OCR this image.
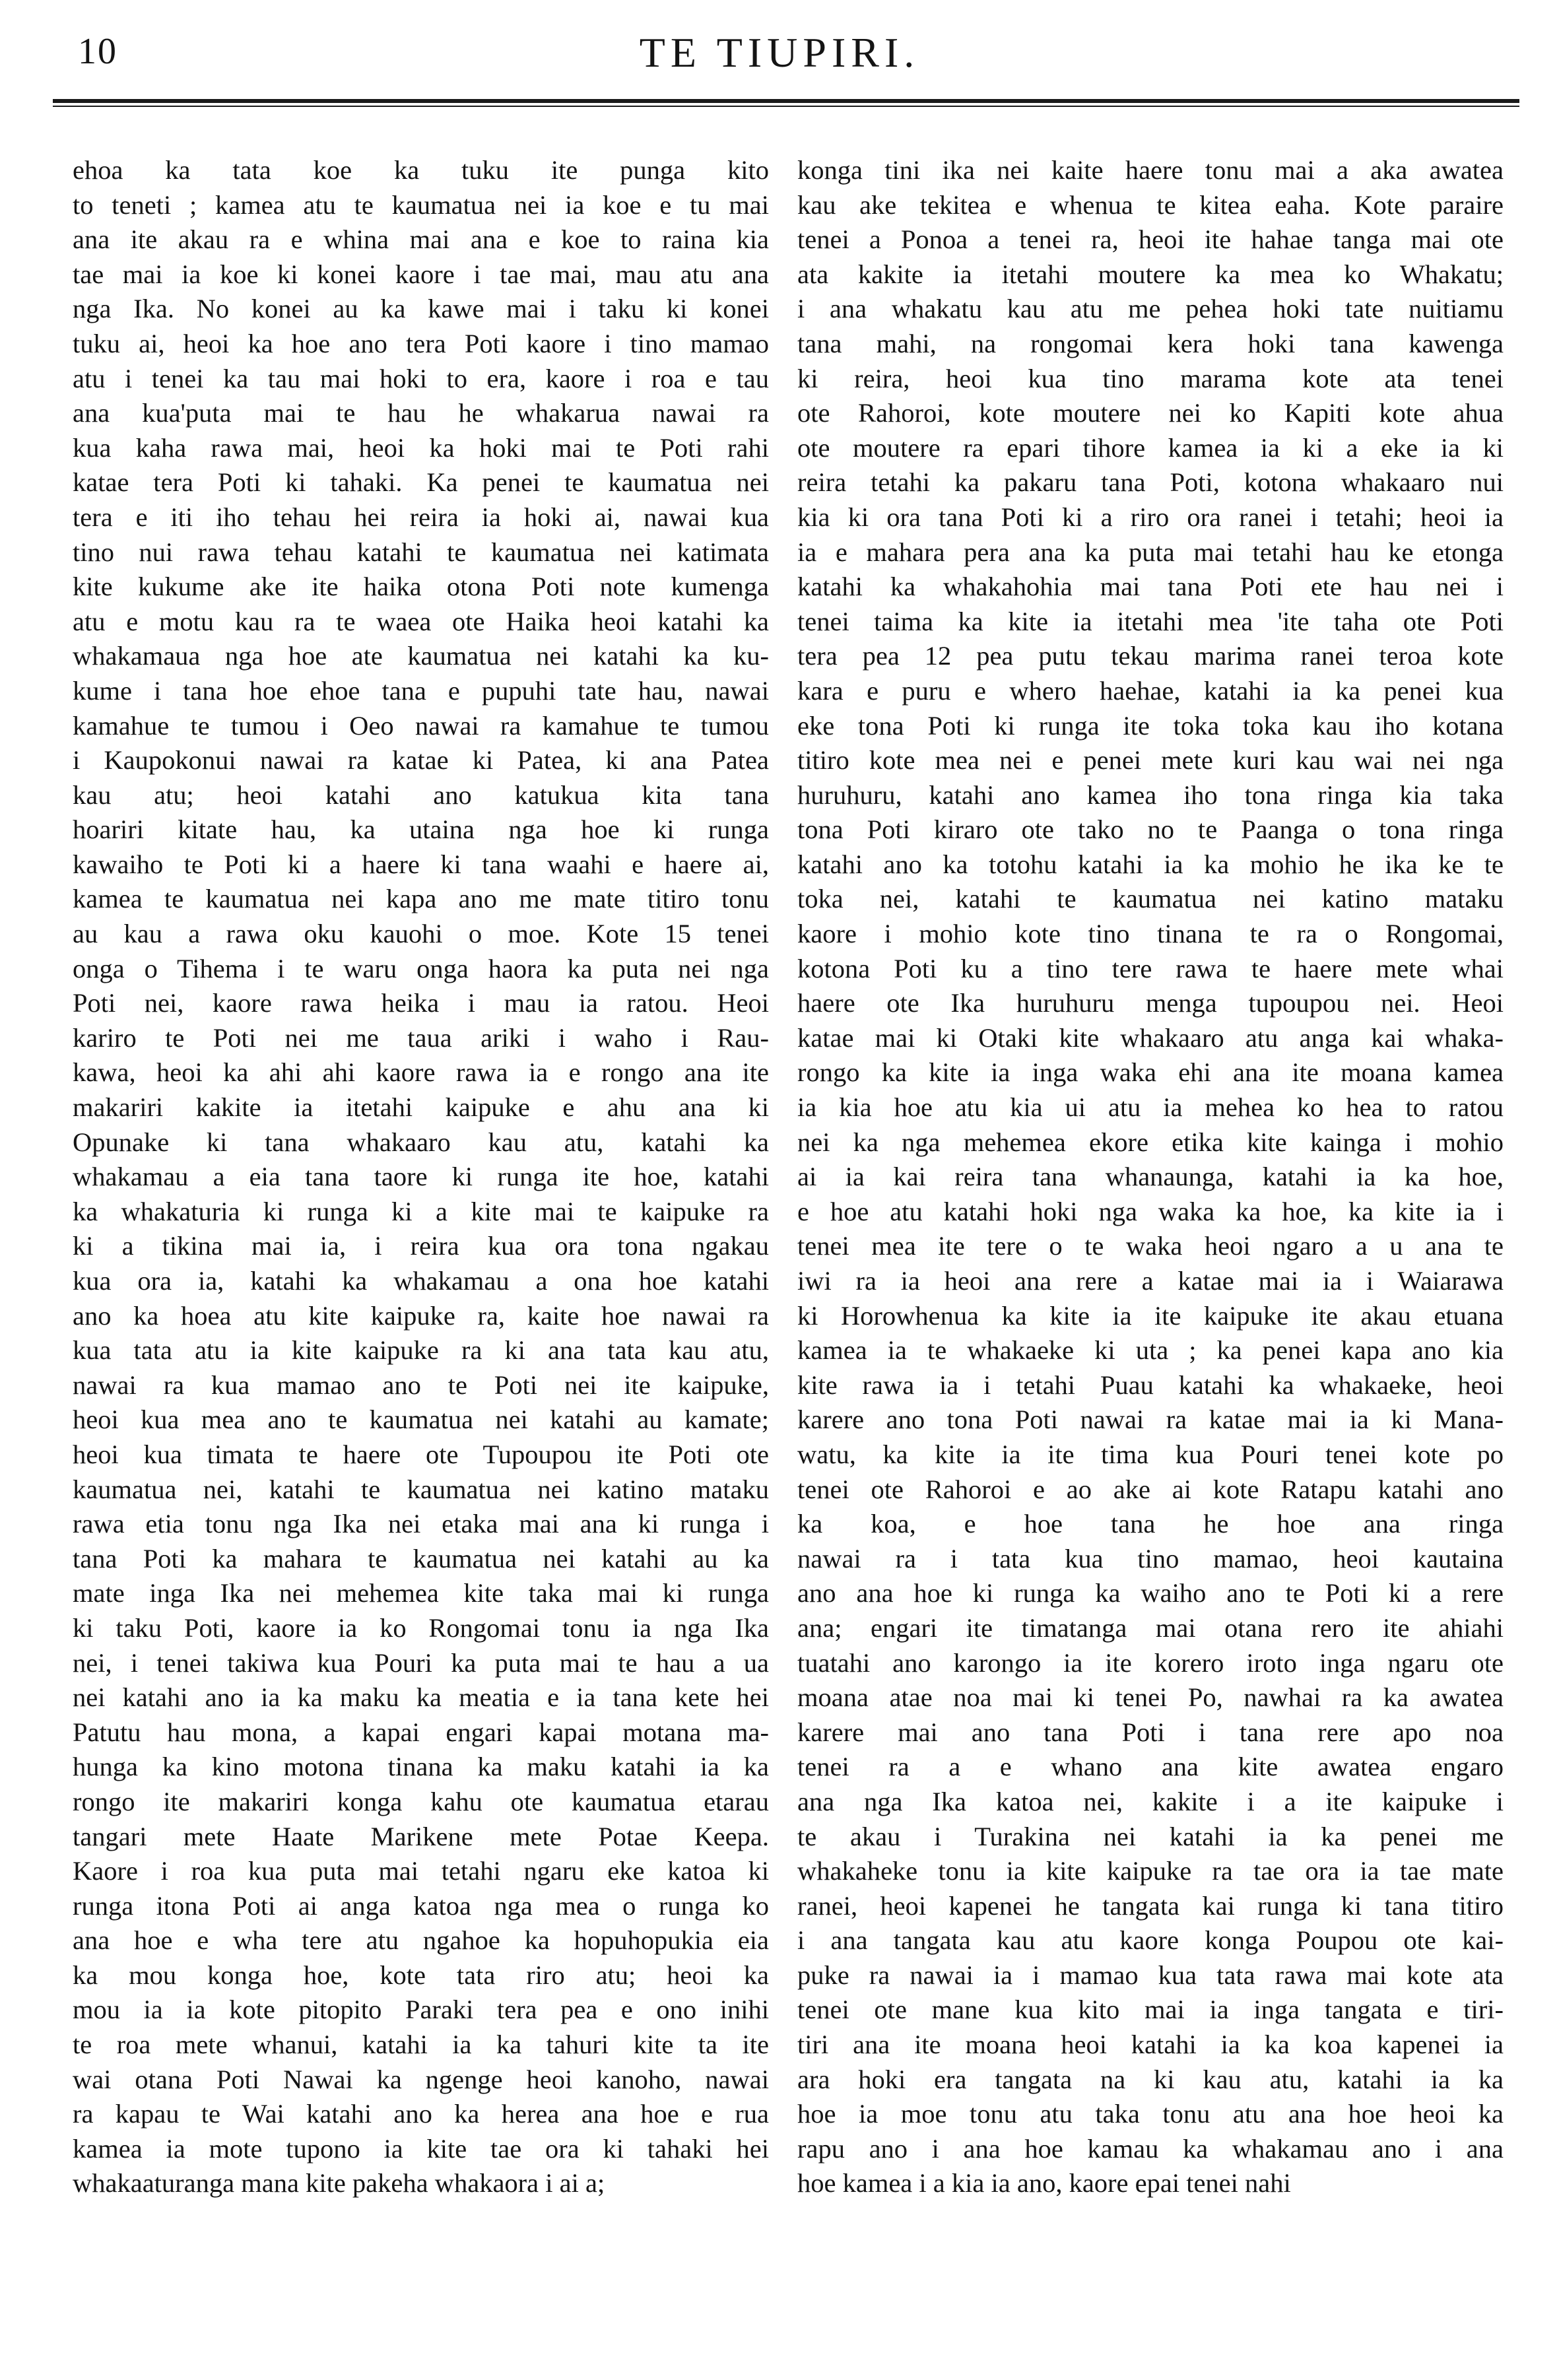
10	TE TIUPIRI.
ehoa ka tata koe ka tuku ite punga kito
to teneti ; kamea atu te kaumatua nei ia koe e tu mai
ana ite akau ra e whina mai ana e koe to raina kia
tae mai ia koe ki konei kaore i tae mai, mau atu ana
nga Ika. No konei au ka kawe mai i taku ki konei
tuku ai, heoi ka hoe ano tera Poti kaore i tino mamao
atu i tenei ka tau mai hoki to era, kaore i roa e tau
ana kua'puta mai te hau he whakarua nawai ra
kua kaha rawa mai, heoi ka hoki mai te Poti rahi
katae tera Poti ki tahaki. Ka penei te kaumatua nei
tera e iti iho tehau hei reira ia hoki ai, nawai kua
tino nui rawa tehau katahi te kaumatua nei katimata
kite kukume ake ite haika otona Poti note kumenga
atu e motu kau ra te waea ote Haika heoi katahi ka
whakamaua nga hoe ate kaumatua nei katahi ka ku-
kume i tana hoe ehoe tana e pupuhi tate hau, nawai
kamahue te tumou i Oeo nawai ra kamahue te tumou
i Kaupokonui nawai ra katae ki Patea, ki ana Patea
kau atu; heoi katahi ano katukua kita tana
hoariri kitate hau, ka utaina nga hoe ki runga
kawaiho te Poti ki a haere ki tana waahi e haere ai,
kamea te kaumatua nei kapa ano me mate titiro tonu
au kau a rawa oku kauohi o moe. Kote 15 tenei
onga o Tihema i te waru onga haora ka puta nei nga
Poti nei, kaore rawa heika i mau ia ratou. Heoi
kariro te Poti nei me taua ariki i waho i Rau-
kawa, heoi ka ahi ahi kaore rawa ia e rongo ana ite
makariri kakite ia itetahi kaipuke e ahu ana ki
Opunake ki tana whakaaro kau atu, katahi ka
whakamau a eia tana taore ki runga ite hoe, katahi
ka whakaturia ki runga ki a kite mai te kaipuke ra
ki a tikina mai ia, i reira kua ora tona ngakau
kua ora ia, katahi ka whakamau a ona hoe katahi
ano ka hoea atu kite kaipuke ra, kaite hoe nawai ra
kua tata atu ia kite kaipuke ra ki ana tata kau atu,
nawai ra kua mamao ano te Poti nei ite kaipuke,
heoi kua mea ano te kaumatua nei katahi au kamate;
heoi kua timata te haere ote Tupoupou ite Poti ote
kaumatua nei, katahi te kaumatua nei katino mataku
rawa etia tonu nga Ika nei etaka mai ana ki runga i
tana Poti ka mahara te kaumatua nei katahi au ka
mate inga Ika nei mehemea kite taka mai ki runga
ki taku Poti, kaore ia ko Rongomai tonu ia nga Ika
nei, i tenei takiwa kua Pouri ka puta mai te hau a ua
nei katahi ano ia ka maku ka meatia e ia tana kete hei
Patutu hau mona, a kapai engari kapai motana ma-
hunga ka kino motona tinana ka maku katahi ia ka
rongo ite makariri konga kahu ote kaumatua etarau
tangari mete Haate Marikene mete Potae Keepa.
Kaore i roa kua puta mai tetahi ngaru eke katoa ki
runga itona Poti ai anga katoa nga mea o runga ko
ana hoe e wha tere atu ngahoe ka hopuhopukia eia
ka mou konga hoe, kote tata riro atu; heoi ka
mou ia ia kote pitopito Paraki tera pea e ono inihi
te roa mete whanui, katahi ia ka tahuri kite ta ite
wai otana Poti Nawai ka ngenge heoi kanoho, nawai
ra kapau te Wai katahi ano ka herea ana hoe e rua
kamea ia mote tupono ia kite tae ora ki tahaki hei
whakaaturanga mana kite pakeha whakaora i ai a;
konga tini ika nei kaite haere tonu mai a aka awatea
kau ake tekitea e whenua te kitea eaha. Kote paraire
tenei a Ponoa a tenei ra, heoi ite hahae tanga mai ote
ata kakite ia itetahi moutere ka mea ko Whakatu;
i ana whakatu kau atu me pehea hoki tate nuitiamu
tana mahi, na rongomai kera hoki tana kawenga
ki reira, heoi kua tino marama kote ata tenei
ote Rahoroi, kote moutere nei ko Kapiti kote ahua
ote moutere ra epari tihore kamea ia ki a eke ia ki
reira tetahi ka pakaru tana Poti, kotona whakaaro nui
kia ki ora tana Poti ki a riro ora ranei i tetahi; heoi ia
ia e mahara pera ana ka puta mai tetahi hau ke etonga
katahi ka whakahohia mai tana Poti ete hau nei i
tenei taima ka kite ia itetahi mea 'ite taha ote Poti
tera pea 12 pea putu tekau marima ranei teroa kote
kara e puru e whero haehae, katahi ia ka penei kua
eke tona Poti ki runga ite toka toka kau iho kotana
titiro kote mea nei e penei mete kuri kau wai nei nga
huruhuru, katahi ano kamea iho tona ringa kia taka
tona Poti kiraro ote tako no te Paanga o tona ringa
katahi ano ka totohu katahi ia ka mohio he ika ke te
toka nei, katahi te kaumatua nei katino mataku
kaore i mohio kote tino tinana te ra o Rongomai,
kotona Poti ku a tino tere rawa te haere mete whai
haere ote Ika huruhuru menga tupoupou nei. Heoi
katae mai ki Otaki kite whakaaro atu anga kai whaka-
rongo ka kite ia inga waka ehi ana ite moana kamea
ia kia hoe atu kia ui atu ia mehea ko hea to ratou
nei ka nga mehemea ekore etika kite kainga i mohio
ai ia kai reira tana whanaunga, katahi ia ka hoe,
e hoe atu katahi hoki nga waka ka hoe, ka kite ia i
tenei mea ite tere o te waka heoi ngaro a u ana te
iwi ra ia heoi ana rere a katae mai ia i Waiarawa
ki Horowhenua ka kite ia ite kaipuke ite akau etuana
kamea ia te whakaeke ki uta ; ka penei kapa ano kia
kite rawa ia i tetahi Puau katahi ka whakaeke, heoi
karere ano tona Poti nawai ra katae mai ia ki Mana-
watu, ka kite ia ite tima kua Pouri tenei kote po
tenei ote Rahoroi e ao ake ai kote Ratapu katahi ano
ka koa, e hoe tana he hoe ana ringa
nawai ra i tata kua tino mamao, heoi kautaina
ano ana hoe ki runga ka waiho ano te Poti ki a rere
ana; engari ite timatanga mai otana rero ite ahiahi
tuatahi ano karongo ia ite korero iroto inga ngaru ote
moana atae noa mai ki tenei Po, nawhai ra ka awatea
karere mai ano tana Poti i tana rere apo noa
tenei ra a e whano ana kite awatea engaro
ana nga Ika katoa nei, kakite i a ite kaipuke i
te akau i Turakina nei katahi ia ka penei me
whakaheke tonu ia kite kaipuke ra tae ora ia tae mate
ranei, heoi kapenei he tangata kai runga ki tana titiro
i ana tangata kau atu kaore konga Poupou ote kai-
puke ra nawai ia i mamao kua tata rawa mai kote ata
tenei ote mane kua kito mai ia inga tangata e tiri-
tiri ana ite moana heoi katahi ia ka koa kapenei ia
ara hoki era tangata na ki kau atu, katahi ia ka
hoe ia moe tonu atu taka tonu atu ana hoe heoi ka
rapu ano i ana hoe kamau ka whakamau ano i ana
hoe kamea i a kia ia ano, kaore epai tenei nahi
